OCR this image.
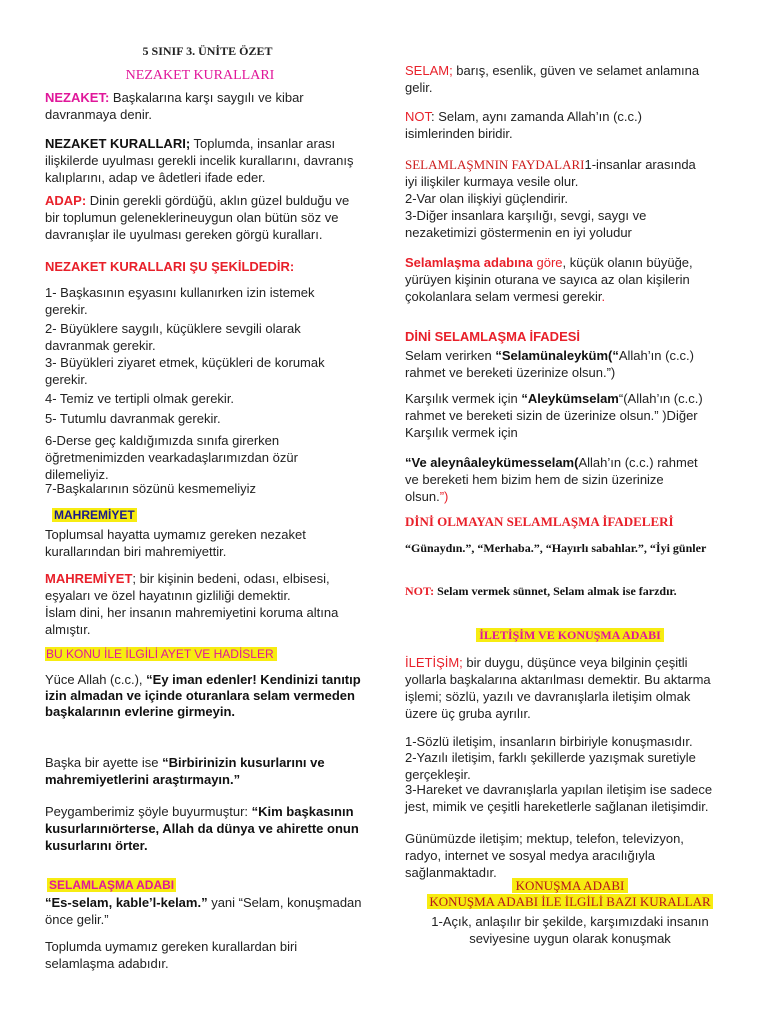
5 SINIF 3. ÜNİTE ÖZET
NEZAKET KURALLARI

NEZAKET: Başkalarına karşı saygılı ve kibar davranmaya denir.

NEZAKET KURALLARI; Toplumda, insanlar arası ilişkilerde uyulması gerekli incelik kurallarını, davranış kalıplarını, adap ve âdetleri ifade eder.

ADAP: Dinin gerekli gördüğü, aklın güzel bulduğu ve bir toplumun geleneklerineuygun olan bütün söz ve davranışlar ile uyulması gereken görgü kuralları.

NEZAKET KURALLARI ŞU ŞEKİLDEDİR:

1- Başkasının eşyasını kullanırken izin istemek gerekir.

2- Büyüklere saygılı, küçüklere sevgili olarak davranmak gerekir.

3- Büyükleri ziyaret etmek, küçükleri de korumak gerekir.

4- Temiz ve tertipli olmak gerekir.

5- Tutumlu davranmak gerekir.

6-Derse geç kaldığımızda sınıfa girerken öğretmenimizden vearkadaşlarımızdan özür dilemeliyiz.

7-Başkalarının sözünü kesmemeliyiz

MAHREMİYET

Toplumsal hayatta uymamız gereken nezaket kurallarından biri mahremiyettir.

MAHREMİYET; bir kişinin bedeni, odası, elbisesi, eşyaları ve özel hayatının gizliliği demektir.

İslam dini, her insanın mahremiyetini koruma altına almıştır.

BU KONU İLE İLGİLİ AYET VE HADİSLER

Yüce Allah (c.c.), “Ey iman edenler! Kendinizi tanıtıp izin almadan ve içinde oturanlara selam vermeden başkalarının evlerine girmeyin.

Başka bir ayette ise “Birbirinizin kusurlarını ve mahremiyetlerini araştırmayın.”

Peygamberimiz şöyle buyurmuştur: “Kim başkasının kusurlarınıörterse, Allah da dünya ve ahirette onun kusurlarını örter.

SELAMLAŞMA ADABI

“Es-selam, kable’l-kelam.” yani “Selam, konuşmadan önce gelir.”

Toplumda uymamız gereken kurallardan biri selamlaşma adabıdır.

SELAM; barış, esenlik, güven ve selamet anlamına gelir.

NOT: Selam, aynı zamanda Allah’ın (c.c.) isimlerinden biridir.

SELAMLAŞMNIN FAYDALARI1-insanlar arasında iyi ilişkiler kurmaya vesile olur.
2-Var olan ilişkiyi güçlendirir.
3-Diğer insanlara karşılığı, sevgi, saygı ve nezaketimizi göstermenin en iyi yoludur

Selamlaşma adabına göre, küçük olanın büyüğe, yürüyen kişinin oturana ve sayıca az olan kişilerin çokolanlara selam vermesi gerekir.

DİNİ SELAMLAŞMA İFADESİ

Selam verirken “Selamünaleyküm(“Allah’ın (c.c.) rahmet ve bereketi üzerinize olsun.”)

Karşılık vermek için “Aleykümselam“(Allah’ın (c.c.) rahmet ve bereketi sizin de üzerinize olsun.” )Diğer Karşılık vermek için

“Ve aleynâaleykümesselam(Allah’ın (c.c.) rahmet ve bereketi hem bizim hem de sizin üzerinize olsun.”)

DİNİ OLMAYAN SELAMLAŞMA İFADELERİ

“Günaydın.”, “Merhaba.”, “Hayırlı sabahlar.”, “İyi günler

NOT: Selam vermek sünnet, Selam almak ise farzdır.

İLETİŞİM VE KONUŞMA ADABI

İLETİŞİM; bir duygu, düşünce veya bilginin çeşitli yollarla başkalarına aktarılması demektir. Bu aktarma işlemi; sözlü, yazılı ve davranışlarla iletişim olmak üzere üç gruba ayrılır.

1-Sözlü iletişim, insanların birbiriyle konuşmasıdır.

2-Yazılı iletişim, farklı şekillerde yazışmak suretiyle gerçekleşir.

3-Hareket ve davranışlarla yapılan iletişim ise sadece jest, mimik ve çeşitli hareketlerle sağlanan iletişimdir.

Günümüzde iletişim; mektup, telefon, televizyon, radyo, internet ve sosyal medya aracılığıyla sağlanmaktadır.

KONUŞMA ADABI
KONUŞMA ADABI İLE İLGİLİ BAZI KURALLAR

1-Açık, anlaşılır bir şekilde, karşımızdaki insanın seviyesine uygun olarak konuşmak
